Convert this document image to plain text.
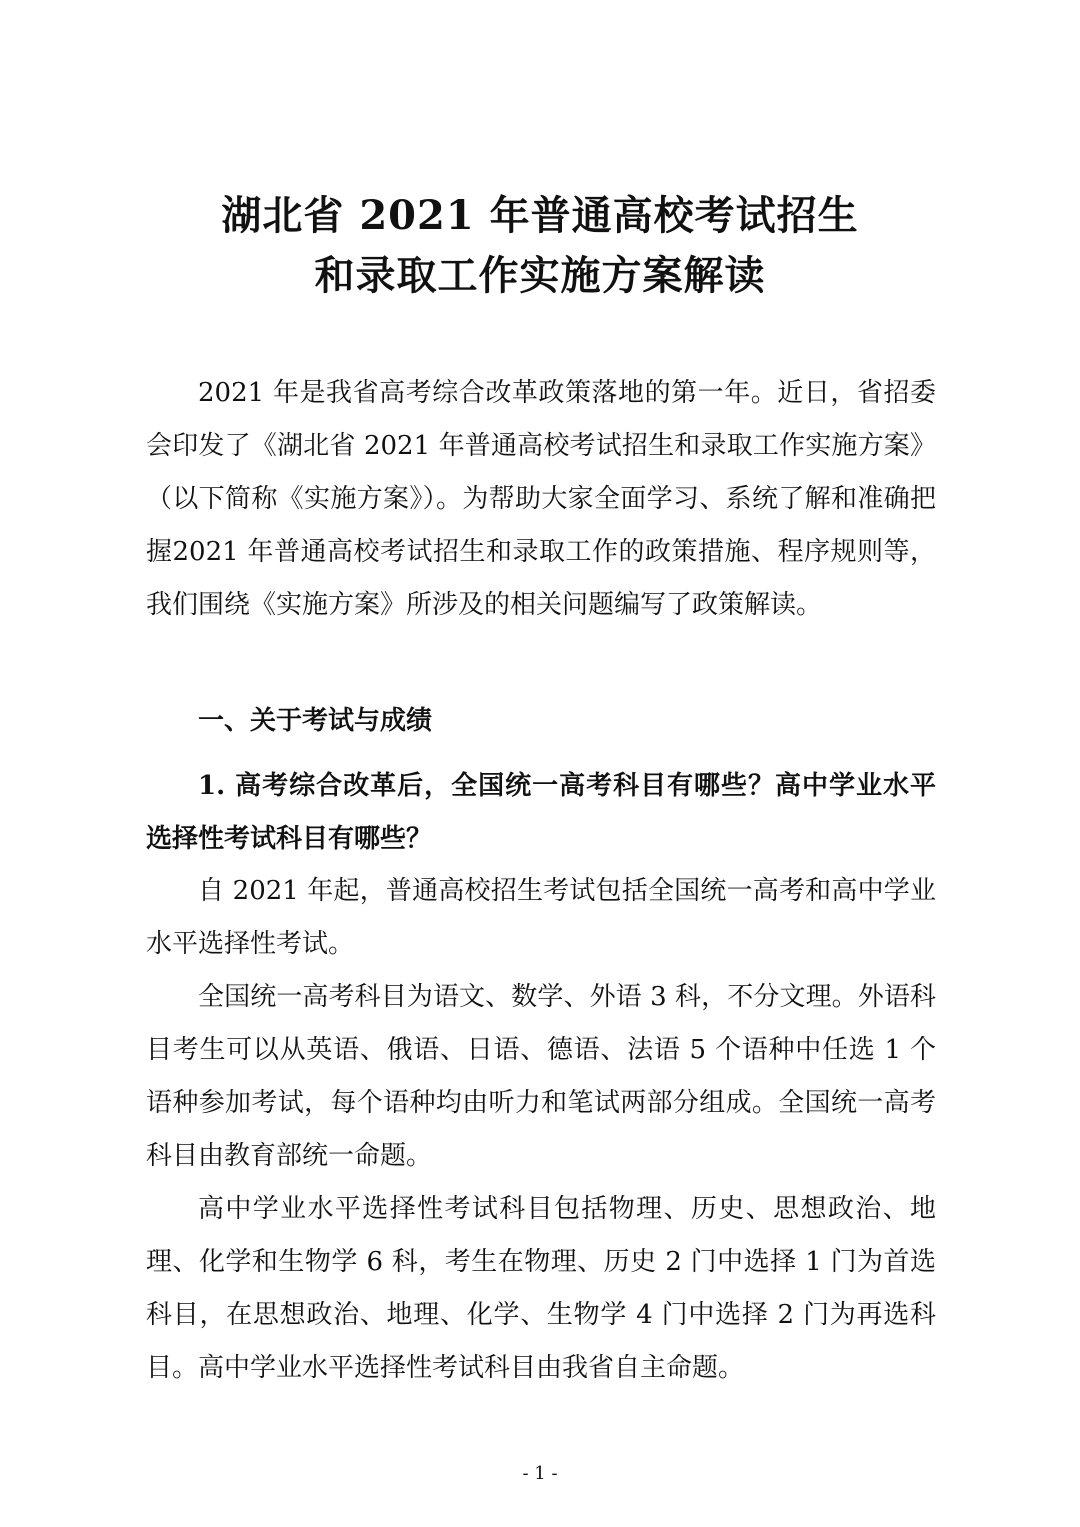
湖北省 2021 年普通高校考试招生
和录取工作实施方案解读

2021 年是我省高考综合改革政策落地的第一年。近日，省招委会印发了《湖北省 2021 年普通高校考试招生和录取工作实施方案》（以下简称《实施方案》）。为帮助大家全面学习、系统了解和准确把握2021 年普通高校考试招生和录取工作的政策措施、程序规则等，我们围绕《实施方案》所涉及的相关问题编写了政策解读。

一、关于考试与成绩
1. 高考综合改革后，全国统一高考科目有哪些？高中学业水平选择性考试科目有哪些？

自 2021 年起，普通高校招生考试包括全国统一高考和高中学业水平选择性考试。

全国统一高考科目为语文、数学、外语 3 科，不分文理。外语科目考生可以从英语、俄语、日语、德语、法语 5 个语种中任选 1 个语种参加考试，每个语种均由听力和笔试两部分组成。全国统一高考科目由教育部统一命题。

高中学业水平选择性考试科目包括物理、历史、思想政治、地理、化学和生物学 6 科，考生在物理、历史 2 门中选择 1 门为首选科目，在思想政治、地理、化学、生物学 4 门中选择 2 门为再选科目。高中学业水平选择性考试科目由我省自主命题。

- 1 -
